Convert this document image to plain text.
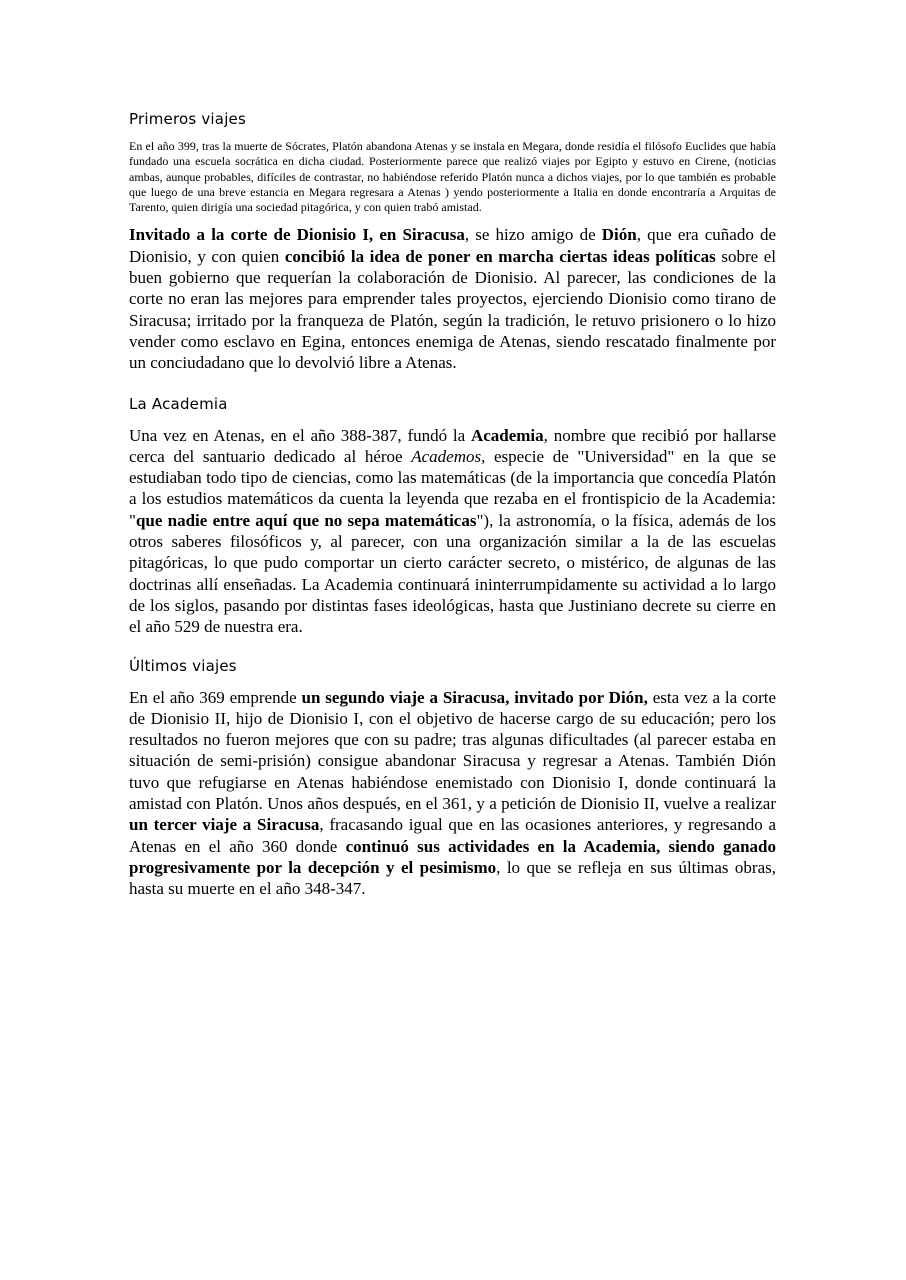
Primeros viajes

En el año 399, tras la muerte de Sócrates, Platón abandona Atenas y se instala en Megara, donde residía el filósofo Euclides que había fundado una escuela socrática en dicha ciudad. Posteriormente parece que realizó viajes por Egipto y estuvo en Cirene, (noticias ambas, aunque probables, difíciles de contrastar, no habiéndose referido Platón nunca a dichos viajes, por lo que también es probable que luego de una breve estancia en Megara regresara a Atenas ) yendo posteriormente a Italia en donde encontraría a Arquitas de Tarento, quien dirigía una sociedad pitagórica, y con quien trabó amistad.

Invitado a la corte de Dionisio I, en Siracusa, se hizo amigo de Dión, que era cuñado de Dionisio, y con quien concibió la idea de poner en marcha ciertas ideas políticas sobre el buen gobierno que requerían la colaboración de Dionisio. Al parecer, las condiciones de la corte no eran las mejores para emprender tales proyectos, ejerciendo Dionisio como tirano de Siracusa; irritado por la franqueza de Platón, según la tradición, le retuvo prisionero o lo hizo vender como esclavo en Egina, entonces enemiga de Atenas, siendo rescatado finalmente por un conciudadano que lo devolvió libre a Atenas.

La Academia

Una vez en Atenas, en el año 388-387, fundó la Academia, nombre que recibió por hallarse cerca del santuario dedicado al héroe Academos, especie de "Universidad" en la que se estudiaban todo tipo de ciencias, como las matemáticas (de la importancia que concedía Platón a los estudios matemáticos da cuenta la leyenda que rezaba en el frontispicio de la Academia: "que nadie entre aquí que no sepa matemáticas"), la astronomía, o la física, además de los otros saberes filosóficos y, al parecer, con una organización similar a la de las escuelas pitagóricas, lo que pudo comportar un cierto carácter secreto, o mistérico, de algunas de las doctrinas allí enseñadas. La Academia continuará ininterrumpidamente su actividad a lo largo de los siglos, pasando por distintas fases ideológicas, hasta que Justiniano decrete su cierre en el año 529 de nuestra era.

Últimos viajes

En el año 369 emprende un segundo viaje a Siracusa, invitado por Dión, esta vez a la corte de Dionisio II, hijo de Dionisio I, con el objetivo de hacerse cargo de su educación; pero los resultados no fueron mejores que con su padre; tras algunas dificultades (al parecer estaba en situación de semi-prisión) consigue abandonar Siracusa y regresar a Atenas. También Dión tuvo que refugiarse en Atenas habiéndose enemistado con Dionisio I, donde continuará la amistad con Platón. Unos años después, en el 361, y a petición de Dionisio II, vuelve a realizar un tercer viaje a Siracusa, fracasando igual que en las ocasiones anteriores, y regresando a Atenas en el año 360 donde continuó sus actividades en la Academia, siendo ganado progresivamente por la decepción y el pesimismo, lo que se refleja en sus últimas obras, hasta su muerte en el año 348-347.
